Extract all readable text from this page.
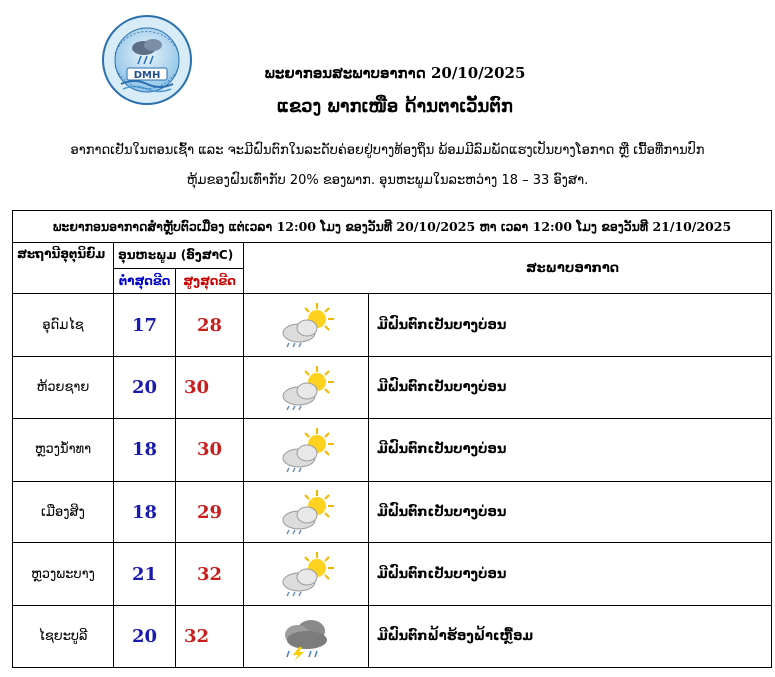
DMH	ພະຍາກອນສະພາບອາກາດ 20/10/2025
ແຂວງ ພາກເໜືອ ດ້ານຕາເວັນຕົກ
ອາກາດເຢັນໃນຕອນເຊົ້າ ແລະ ຈະມີຝົນຕົກໃນລະດັບຄ່ອຍຢູ່ບາງທ້ອງຖິ່ນ ພ້ອມມີລົມພັດແຮງເປັນບາງໂອກາດ ຫຼື ເນື້ອທີ່ການປົກ
ຫຸ້ມຂອງຝົນເທົ່າກັບ 20% ຂອງພາກ. ອຸນຫະພູມໃນລະຫວ່າງ 18 – 33 ອົງສາ.
ພະຍາກອນອາກາດສຳຫຼັບຕົວເມືອງ ແຕ່ເວລາ 12:00 ໂມງ ຂອງວັນທີ 20/10/2025 ຫາ ເວລາ 12:00 ໂມງ ຂອງວັນທີ 21/10/2025				
ສະຖານີອຸຕຸນິຍົມ	ອຸນຫະພູມ (ອົງສາC)		ສະພາບອາກາດ	
	ຕໍ່າສຸດຂີດ	ສູງສຸດຂີດ		
ອຸດົມໄຊ	17	28		ມີຝົນຕົກເປັນບາງບ່ອນ
ຫ້ວຍຊາຍ	20	30		ມີຝົນຕົກເປັນບາງບ່ອນ
ຫຼວງນ້ຳທາ	18	30		ມີຝົນຕົກເປັນບາງບ່ອນ
ເມືອງສິງ	18	29		ມີຝົນຕົກເປັນບາງບ່ອນ
ຫຼວງພະບາງ	21	32		ມີຝົນຕົກເປັນບາງບ່ອນ
ໄຊຍະບູລີ	20	32		ມີຝົນຕົກຟ້າຮ້ອງຟ້າເຫຼື້ອມ
